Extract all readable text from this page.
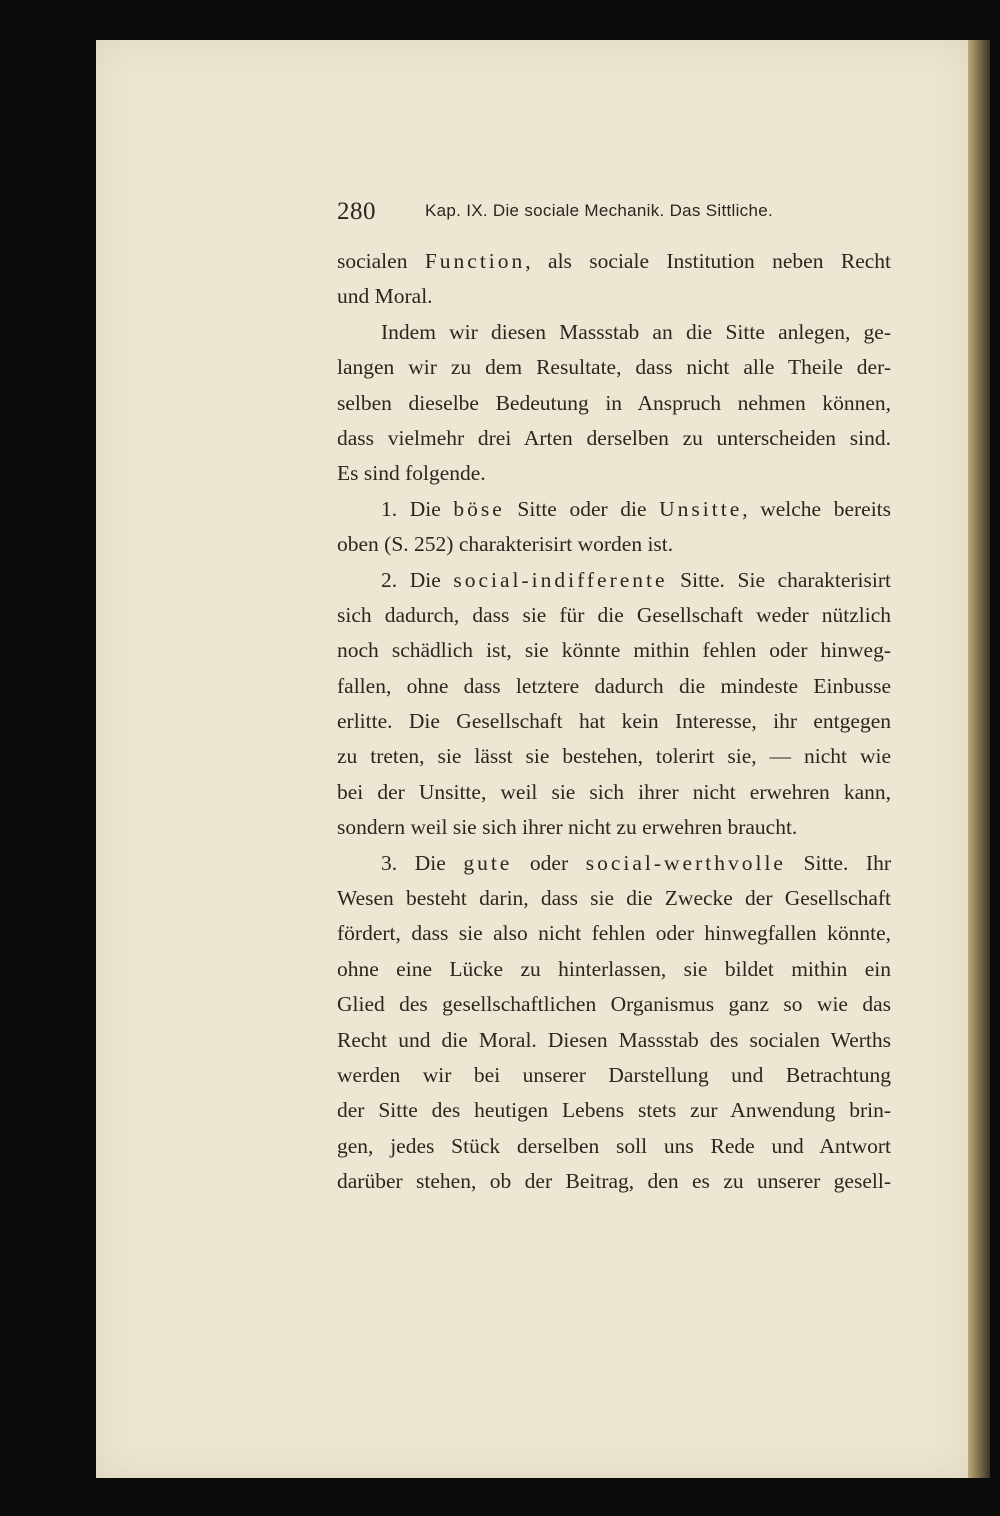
280	Kap. IX. Die sociale Mechanik. Das Sittliche.
socialen Function, als sociale Institution neben Recht
und Moral.
Indem wir diesen Massstab an die Sitte anlegen, ge-
langen wir zu dem Resultate, dass nicht alle Theile der-
selben dieselbe Bedeutung in Anspruch nehmen können,
dass vielmehr drei Arten derselben zu unterscheiden sind.
Es sind folgende.
1. Die böse Sitte oder die Unsitte, welche bereits
oben (S. 252) charakterisirt worden ist.
2. Die social-indifferente Sitte. Sie charakterisirt
sich dadurch, dass sie für die Gesellschaft weder nützlich
noch schädlich ist, sie könnte mithin fehlen oder hinweg-
fallen, ohne dass letztere dadurch die mindeste Einbusse
erlitte. Die Gesellschaft hat kein Interesse, ihr entgegen
zu treten, sie lässt sie bestehen, tolerirt sie, — nicht wie
bei der Unsitte, weil sie sich ihrer nicht erwehren kann,
sondern weil sie sich ihrer nicht zu erwehren braucht.
3. Die gute oder social-werthvolle Sitte. Ihr
Wesen besteht darin, dass sie die Zwecke der Gesellschaft
fördert, dass sie also nicht fehlen oder hinwegfallen könnte,
ohne eine Lücke zu hinterlassen, sie bildet mithin ein
Glied des gesellschaftlichen Organismus ganz so wie das
Recht und die Moral. Diesen Massstab des socialen Werths
werden wir bei unserer Darstellung und Betrachtung
der Sitte des heutigen Lebens stets zur Anwendung brin-
gen, jedes Stück derselben soll uns Rede und Antwort
darüber stehen, ob der Beitrag, den es zu unserer gesell-
